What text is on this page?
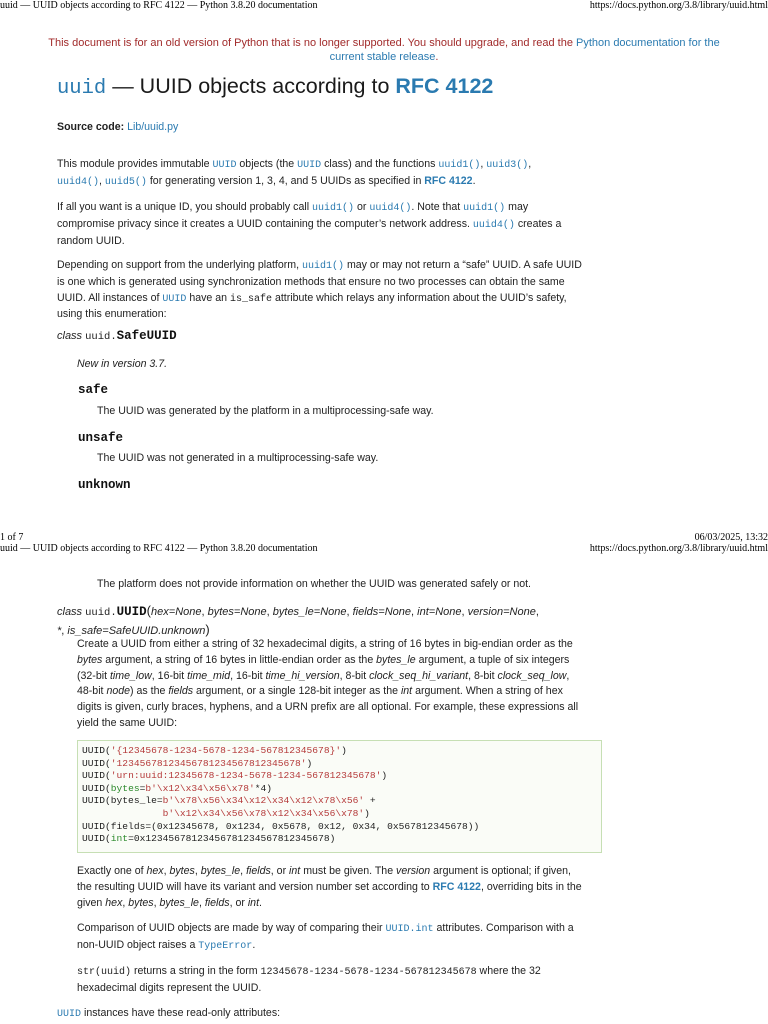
uuid — UUID objects according to RFC 4122 — Python 3.8.20 documentation	https://docs.python.org/3.8/library/uuid.html
This document is for an old version of Python that is no longer supported. You should upgrade, and read the Python documentation for the current stable release.
uuid — UUID objects according to RFC 4122
Source code: Lib/uuid.py
This module provides immutable UUID objects (the UUID class) and the functions uuid1(), uuid3(),
uuid4(), uuid5() for generating version 1, 3, 4, and 5 UUIDs as specified in RFC 4122.
If all you want is a unique ID, you should probably call uuid1() or uuid4(). Note that uuid1() may
compromise privacy since it creates a UUID containing the computer’s network address. uuid4() creates a
random UUID.
Depending on support from the underlying platform, uuid1() may or may not return a “safe” UUID. A safe UUID
is one which is generated using synchronization methods that ensure no two processes can obtain the same
UUID. All instances of UUID have an is_safe attribute which relays any information about the UUID’s safety,
using this enumeration:
class uuid.SafeUUID
New in version 3.7.
safe
The UUID was generated by the platform in a multiprocessing-safe way.
unsafe
The UUID was not generated in a multiprocessing-safe way.
unknown
1 of 7	06/03/2025, 13:32
uuid — UUID objects according to RFC 4122 — Python 3.8.20 documentation	https://docs.python.org/3.8/library/uuid.html
The platform does not provide information on whether the UUID was generated safely or not.
class uuid.UUID(hex=None, bytes=None, bytes_le=None, fields=None, int=None, version=None,
*, is_safe=SafeUUID.unknown)
Create a UUID from either a string of 32 hexadecimal digits, a string of 16 bytes in big-endian order as the
bytes argument, a string of 16 bytes in little-endian order as the bytes_le argument, a tuple of six integers
(32-bit time_low, 16-bit time_mid, 16-bit time_hi_version, 8-bit clock_seq_hi_variant, 8-bit clock_seq_low,
48-bit node) as the fields argument, or a single 128-bit integer as the int argument. When a string of hex
digits is given, curly braces, hyphens, and a URN prefix are all optional. For example, these expressions all
yield the same UUID:
UUID('{12345678-1234-5678-1234-567812345678}')
UUID('12345678123456781234567812345678')
UUID('urn:uuid:12345678-1234-5678-1234-567812345678')
UUID(bytes=b'\x12\x34\x56\x78'*4)
UUID(bytes_le=b'\x78\x56\x34\x12\x34\x12\x78\x56' +
b'\x12\x34\x56\x78\x12\x34\x56\x78')
UUID(fields=(0x12345678, 0x1234, 0x5678, 0x12, 0x34, 0x567812345678))
UUID(int=0x12345678123456781234567812345678)
Exactly one of hex, bytes, bytes_le, fields, or int must be given. The version argument is optional; if given,
the resulting UUID will have its variant and version number set according to RFC 4122, overriding bits in the
given hex, bytes, bytes_le, fields, or int.
Comparison of UUID objects are made by way of comparing their UUID.int attributes. Comparison with a
non-UUID object raises a TypeError.
str(uuid) returns a string in the form 12345678-1234-5678-1234-567812345678 where the 32
hexadecimal digits represent the UUID.
UUID instances have these read-only attributes:
